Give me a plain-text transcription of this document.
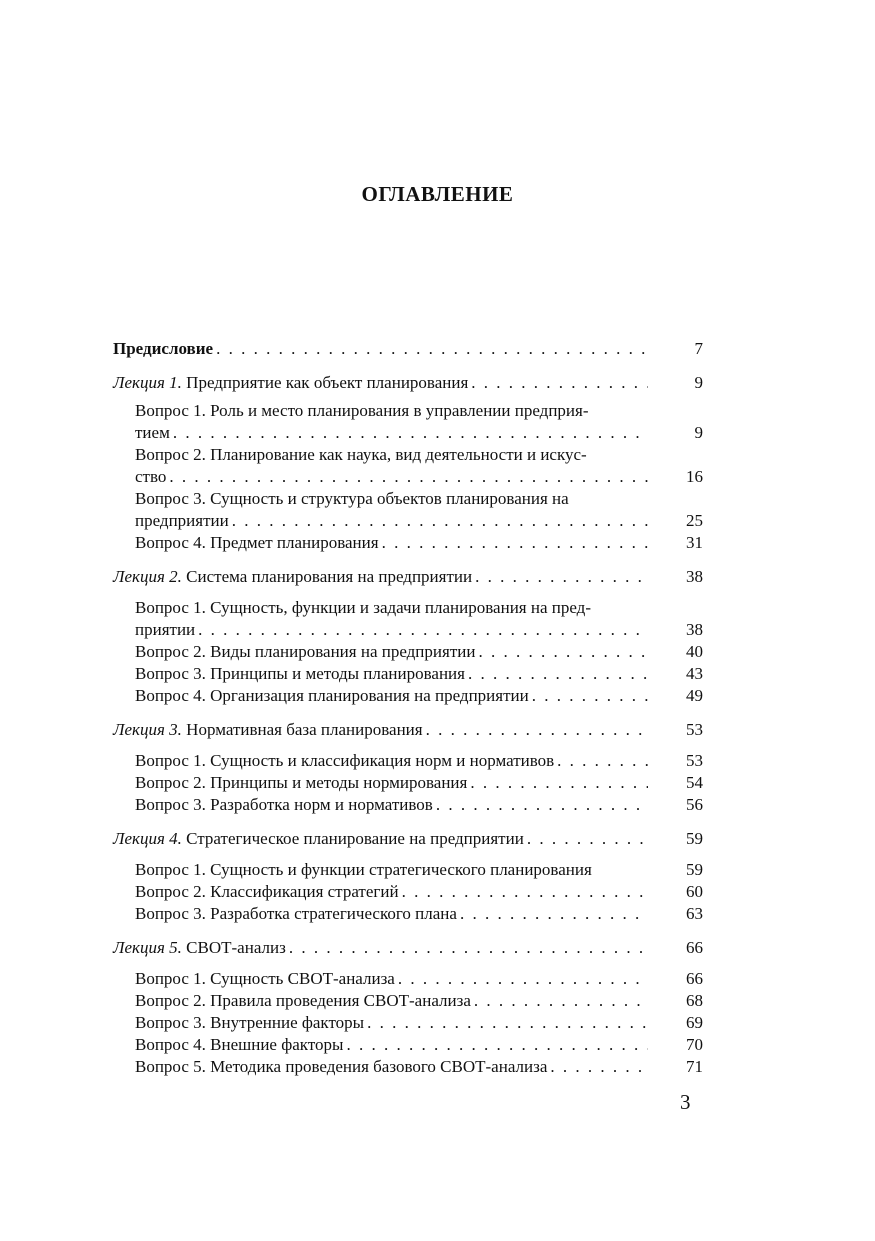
ОГЛАВЛЕНИЕ
Предисловие . . .	7
Лекция 1. Предприятие как объект планирования . . .	9
Вопрос 1. Роль и место планирования в управлении предприя-
тием . . .	9
Вопрос 2. Планирование как наука, вид деятельности и искус-
ство . . .	16
Вопрос 3. Сущность и структура объектов планирования на
предприятии . . .	25
Вопрос 4. Предмет планирования . . .	31
Лекция 2. Система планирования на предприятии . . .	38
Вопрос 1. Сущность, функции и задачи планирования на пред-
приятии . . .	38
Вопрос 2. Виды планирования на предприятии . . .	40
Вопрос 3. Принципы и методы планирования . . .	43
Вопрос 4. Организация планирования на предприятии . . .	49
Лекция 3. Нормативная база планирования . . .	53
Вопрос 1. Сущность и классификация норм и нормативов . . .	53
Вопрос 2. Принципы и методы нормирования . . .	54
Вопрос 3. Разработка норм и нормативов . . .	56
Лекция 4. Стратегическое планирование на предприятии . . .	59
Вопрос 1. Сущность и функции стратегического планирования	59
Вопрос 2. Классификация стратегий . . .	60
Вопрос 3. Разработка стратегического плана . . .	63
Лекция 5. СВОТ-анализ . . .	66
Вопрос 1. Сущность СВОТ-анализа . . .	66
Вопрос 2. Правила проведения СВОТ-анализа . . .	68
Вопрос 3. Внутренние факторы . . .	69
Вопрос 4. Внешние факторы . . .	70
Вопрос 5. Методика проведения базового СВОТ-анализа . . .	71
3
